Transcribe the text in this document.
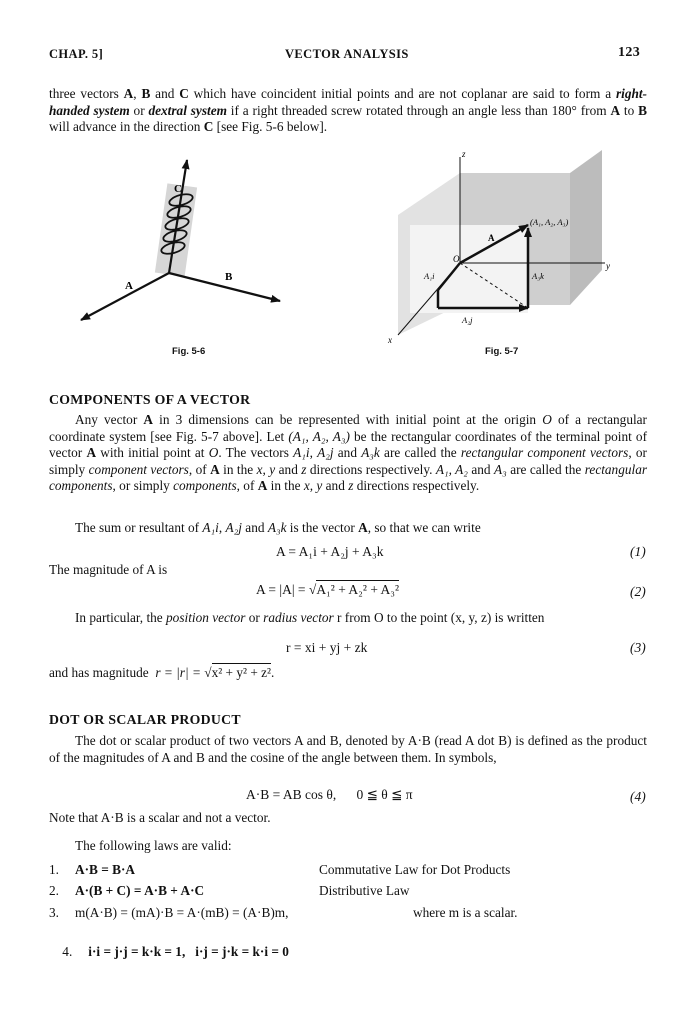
CHAP. 5]	VECTOR ANALYSIS	123
three vectors A, B and C which have coincident initial points and are not coplanar are said to form a right-handed system or dextral system if a right threaded screw rotated through an angle less than 180° from A to B will advance in the direction C [see Fig. 5-6 below].
C
A
B
Fig. 5-6
z
y
x
O
A
(A₁, A₂, A₃)
A₁i	A₃k
A₂j
Fig. 5-7
COMPONENTS OF A VECTOR
Any vector A in 3 dimensions can be represented with initial point at the origin O of a rectangular coordinate system [see Fig. 5-7 above]. Let (A₁, A₂, A₃) be the rectangular coordinates of the terminal point of vector A with initial point at O. The vectors A₁i, A₂j and A₃k are called the rectangular component vectors, or simply component vectors, of A in the x, y and z directions respectively. A₁, A₂ and A₃ are called the rectangular components, or simply components, of A in the x, y and z directions respectively.
The sum or resultant of A₁i, A₂j and A₃k is the vector A, so that we can write
A = A₁i + A₂j + A₃k	(1)
The magnitude of A is
A = |A| = √A₁² + A₂² + A₃²	(2)
In particular, the position vector or radius vector r from O to the point (x, y, z) is written
r = xi + yj + zk	(3)
and has magnitude r = |r| = √x² + y² + z².
DOT OR SCALAR PRODUCT
The dot or scalar product of two vectors A and B, denoted by A·B (read A dot B) is defined as the product of the magnitudes of A and B and the cosine of the angle between them. In symbols,
A·B = AB cos θ,      0 ≦ θ ≦ π	(4)
Note that A·B is a scalar and not a vector.
The following laws are valid:
1. A·B = B·A	Commutative Law for Dot Products
2. A·(B + C) = A·B + A·C	Distributive Law
3. m(A·B) = (mA)·B = A·(mB) = (A·B)m,	where m is a scalar.

4. i·i = j·j = k·k = 1,   i·j = j·k = k·i = 0
